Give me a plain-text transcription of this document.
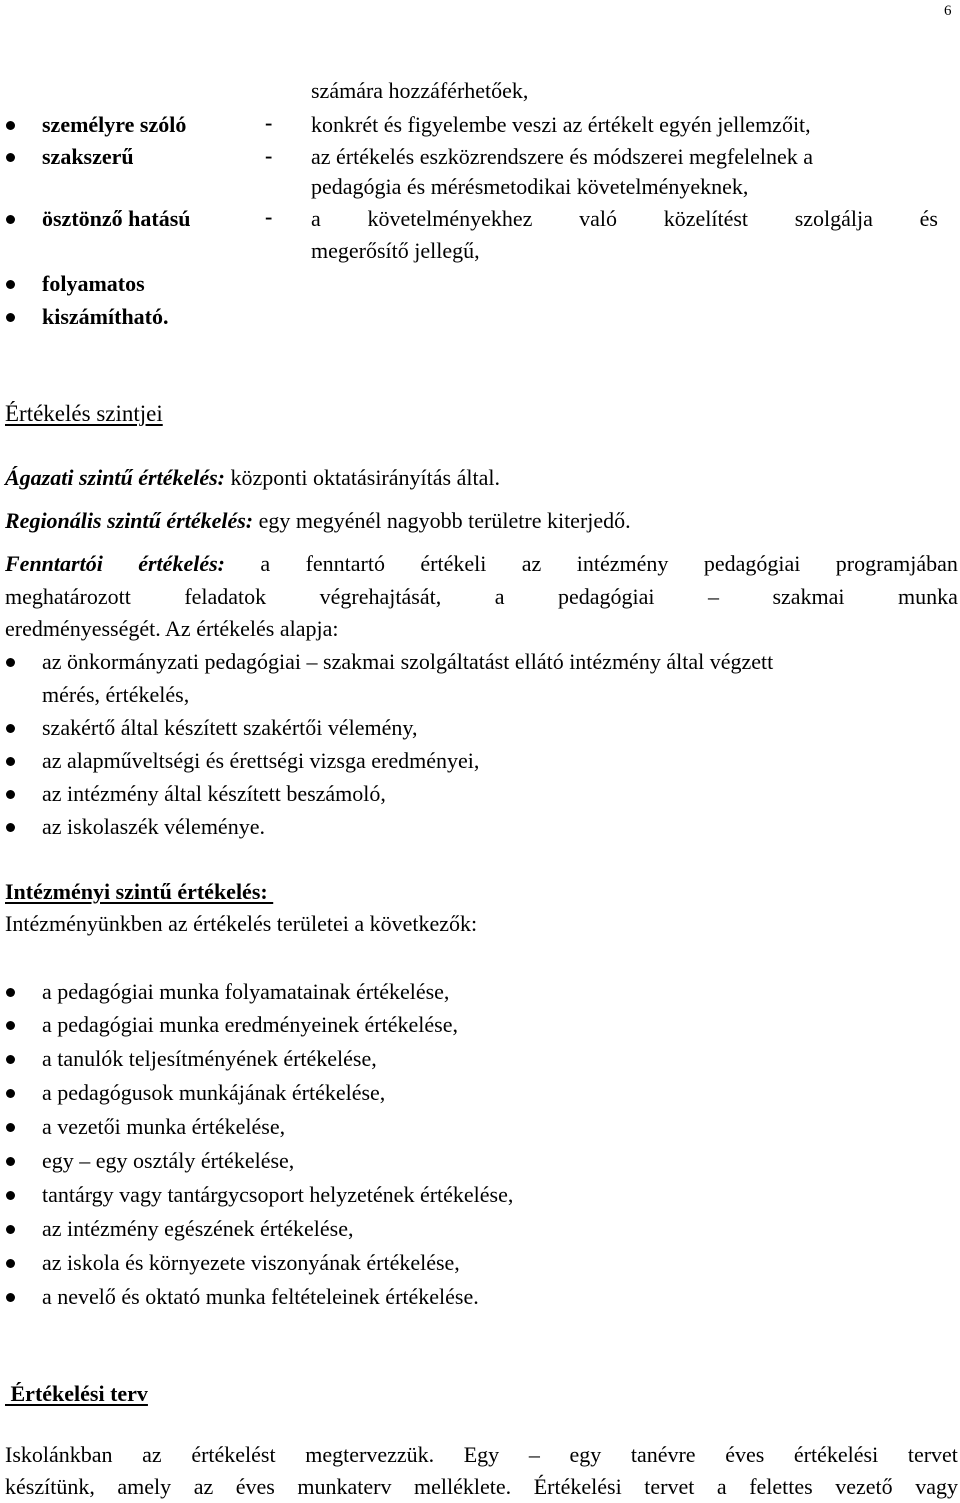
6
számára hozzáférhetőek,
személyre szóló	- konkrét és figyelembe veszi az értékelt egyén jellemzőit,
szakszerű	- az értékelés eszközrendszere és módszerei megfelelnek a
pedagógia és mérésmetodikai követelményeknek,
ösztönző hatású	- a követelményekhez való közelítést szolgálja és
megerősítő jellegű,
folyamatos
kiszámítható.
Értékelés szintjei
Ágazati szintű értékelés: központi oktatásirányítás által.
Regionális szintű értékelés: egy megyénél nagyobb területre kiterjedő.
Fenntartói értékelés: a fenntartó értékeli az intézmény pedagógiai programjában
meghatározott feladatok végrehajtását, a pedagógiai – szakmai munka
eredményességét. Az értékelés alapja:
az önkormányzati pedagógiai – szakmai szolgáltatást ellátó intézmény által végzett
mérés, értékelés,
szakértő által készített szakértői vélemény,
az alapműveltségi és érettségi vizsga eredményei,
az intézmény által készített beszámoló,
az iskolaszék véleménye.
Intézményi szintű értékelés:
Intézményünkben az értékelés területei a következők:
a pedagógiai munka folyamatainak értékelése,
a pedagógiai munka eredményeinek értékelése,
a tanulók teljesítményének értékelése,
a pedagógusok munkájának értékelése,
a vezetői munka értékelése,
egy – egy osztály értékelése,
tantárgy vagy tantárgycsoport helyzetének értékelése,
az intézmény egészének értékelése,
az iskola és környezete viszonyának értékelése,
a nevelő és oktató munka feltételeinek értékelése.
Értékelési terv
Iskolánkban az értékelést megtervezzük. Egy – egy tanévre éves értékelési tervet
készítünk, amely az éves munkaterv melléklete. Értékelési tervet a felettes vezető vagy
